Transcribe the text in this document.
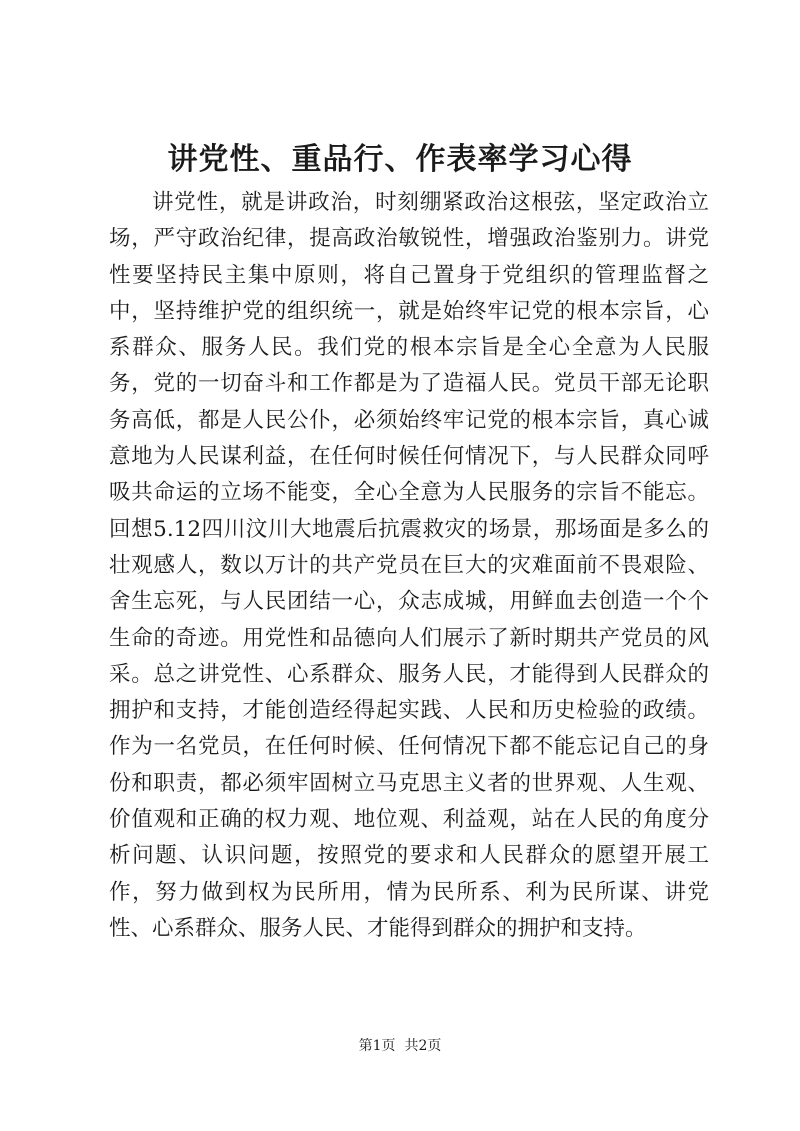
讲党性、重品行、作表率学习心得

讲党性，就是讲政治，时刻绷紧政治这根弦，坚定政治立场，严守政治纪律，提高政治敏锐性，增强政治鉴别力。讲党性要坚持民主集中原则，将自己置身于党组织的管理监督之中，坚持维护党的组织统一，就是始终牢记党的根本宗旨，心系群众、服务人民。我们党的根本宗旨是全心全意为人民服务，党的一切奋斗和工作都是为了造福人民。党员干部无论职务高低，都是人民公仆，必须始终牢记党的根本宗旨，真心诚意地为人民谋利益，在任何时候任何情况下，与人民群众同呼吸共命运的立场不能变，全心全意为人民服务的宗旨不能忘。回想5.12四川汶川大地震后抗震救灾的场景，那场面是多么的壮观感人，数以万计的共产党员在巨大的灾难面前不畏艰险、舍生忘死，与人民团结一心，众志成城，用鲜血去创造一个个生命的奇迹。用党性和品德向人们展示了新时期共产党员的风采。总之讲党性、心系群众、服务人民，才能得到人民群众的拥护和支持，才能创造经得起实践、人民和历史检验的政绩。作为一名党员，在任何时候、任何情况下都不能忘记自己的身份和职责，都必须牢固树立马克思主义者的世界观、人生观、价值观和正确的权力观、地位观、利益观，站在人民的角度分析问题、认识问题，按照党的要求和人民群众的愿望开展工作，努力做到权为民所用，情为民所系、利为民所谋、讲党性、心系群众、服务人民、才能得到群众的拥护和支持。

第1页 共2页
